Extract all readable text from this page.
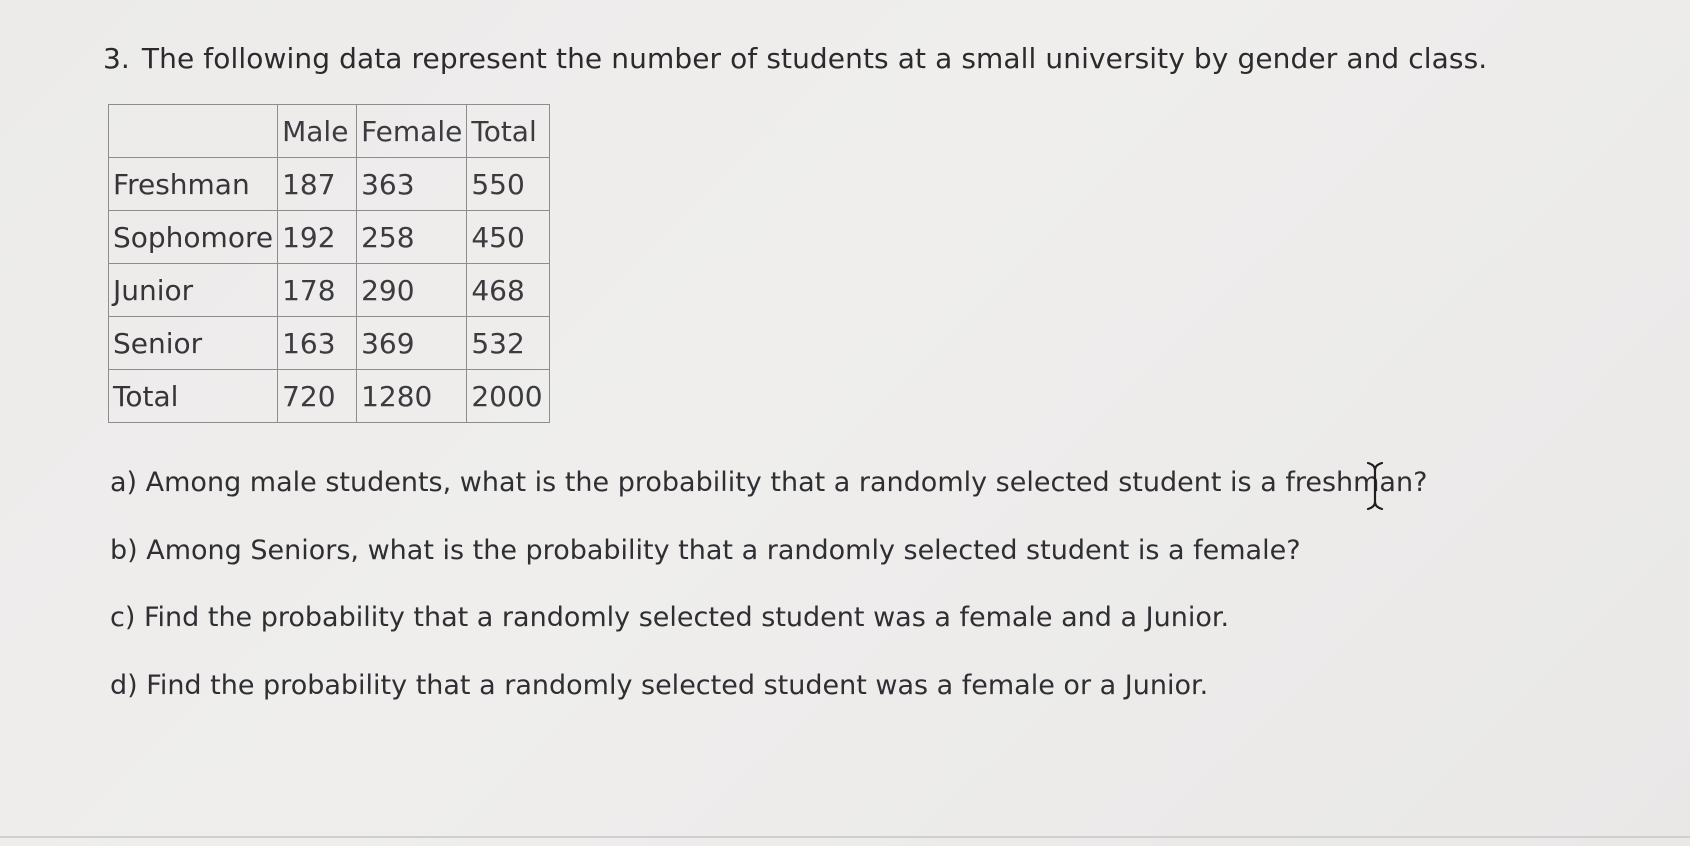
3. The following data represent the number of students at a small university by gender and class.
	Male	Female	Total
Freshman	187	363	550
Sophomore	192	258	450
Junior	178	290	468
Senior	163	369	532
Total	720	1280	2000
a) Among male students, what is the probability that a randomly selected student is a freshman?
b) Among Seniors, what is the probability that a randomly selected student is a female?
c) Find the probability that a randomly selected student was a female and a Junior.
d) Find the probability that a randomly selected student was a female or a Junior.
